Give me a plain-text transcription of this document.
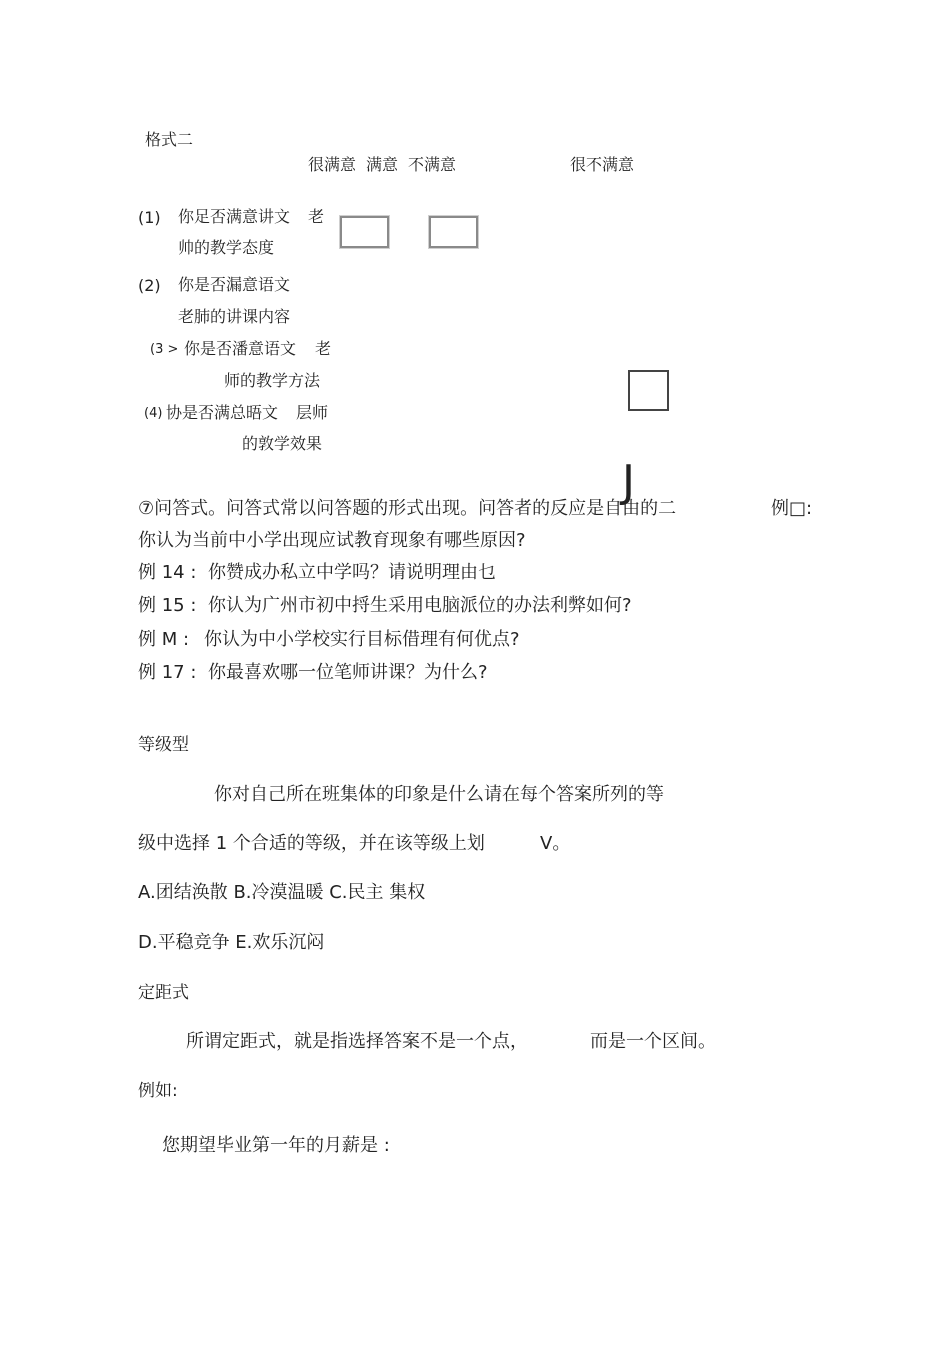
格式二
很满意 满意 不满意	很不满意
(1) 你足否满意讲文 老
帅的教学态度
(2) 你是否漏意语文
老肺的讲课内容
(3 > 你是否潘意语文 老
师的教学方法
(4) 协是否满总晤文 层师
的敦学效果
J
⑦问答式。问答式常以问答题的形式出现。问答者的反应是自由的二	例□:
你认为当前中小学出现应试教育现象有哪些原因?
例 14 : 你赞成办私立中学吗？请说明理由乜
例 15 : 你认为广州市初中捋生采用电脑派位的办法利弊如何?
例 M : 你认为中小学校实行目标借理有何优点?
例 17 : 你最喜欢哪一位笔师讲课？为什么?
等级型
你对自己所在班集体的印象是什么请在每个答案所列的等
级中选择 1 个合适的等级，并在该等级上划	V。
A.团结涣散 B.冷漠温暖 C.民主 集权
D.平稳竞争 E.欢乐沉闷
定距式
所谓定距式，就是指选择答案不是一个点，	而是一个区间。
例如:
您期望毕业第一年的月薪是 :
